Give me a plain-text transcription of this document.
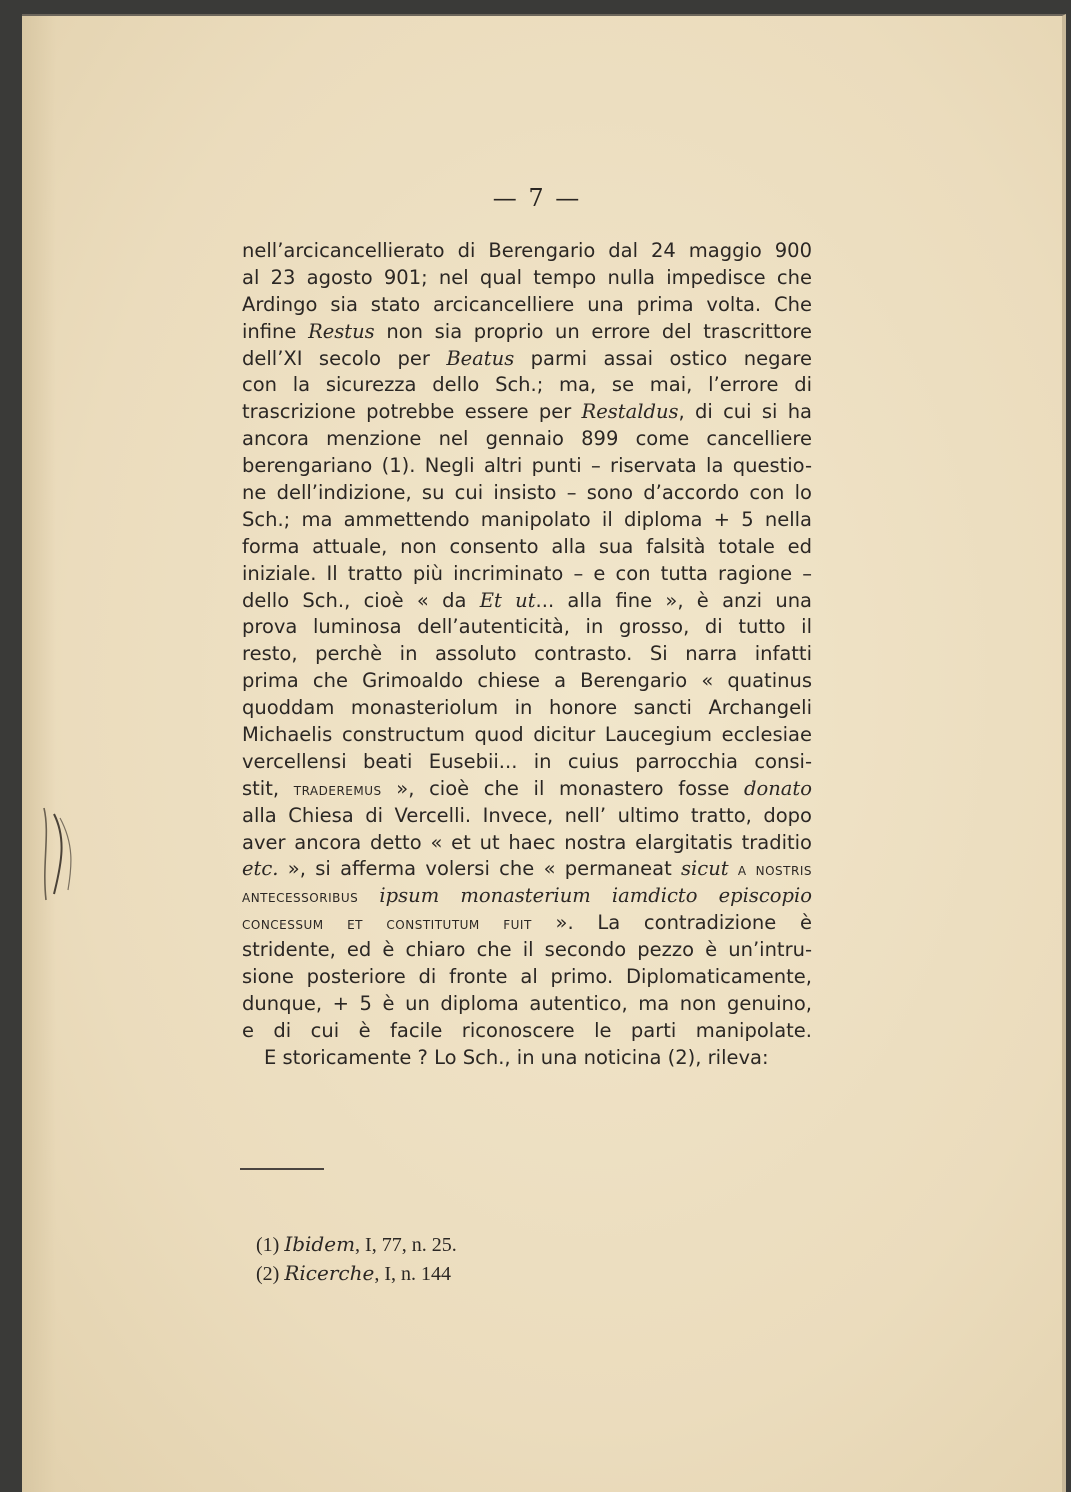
— 7 —
nell’arcicancellierato di Berengario dal 24 maggio 900
al 23 agosto 901; nel qual tempo nulla impedisce che
Ardingo sia stato arcicancelliere una prima volta. Che
infine Restus non sia proprio un errore del trascrittore
dell’XI secolo per Beatus parmi assai ostico negare
con la sicurezza dello Sch.; ma, se mai, l’errore di
trascrizione potrebbe essere per Restaldus, di cui si ha
ancora menzione nel gennaio 899 come cancelliere
berengariano (1). Negli altri punti – riservata la questio-
ne dell’indizione, su cui insisto – sono d’accordo con lo
Sch.; ma ammettendo manipolato il diploma + 5 nella
forma attuale, non consento alla sua falsità totale ed
iniziale. Il tratto più incriminato – e con tutta ragione –
dello Sch., cioè « da Et ut... alla fine », è anzi una
prova luminosa dell’autenticità, in grosso, di tutto il
resto, perchè in assoluto contrasto. Si narra infatti
prima che Grimoaldo chiese a Berengario « quatinus
quoddam monasteriolum in honore sancti Archangeli
Michaelis constructum quod dicitur Laucegium ecclesiae
vercellensi beati Eusebii... in cuius parrocchia consi-
stit, traderemus », cioè che il monastero fosse donato
alla Chiesa di Vercelli. Invece, nell’ ultimo tratto, dopo
aver ancora detto « et ut haec nostra elargitatis traditio
etc. », si afferma volersi che « permaneat sicut a nostris
antecessoribus ipsum monasterium iamdicto episcopio
concessum et constitutum fuit ». La contradizione è
stridente, ed è chiaro che il secondo pezzo è un’intru-
sione posteriore di fronte al primo. Diplomaticamente,
dunque, + 5 è un diploma autentico, ma non genuino,
e di cui è facile riconoscere le parti manipolate.
E storicamente ? Lo Sch., in una noticina (2), rileva:
(1) Ibidem, I, 77, n. 25.
(2) Ricerche, I, n. 144
